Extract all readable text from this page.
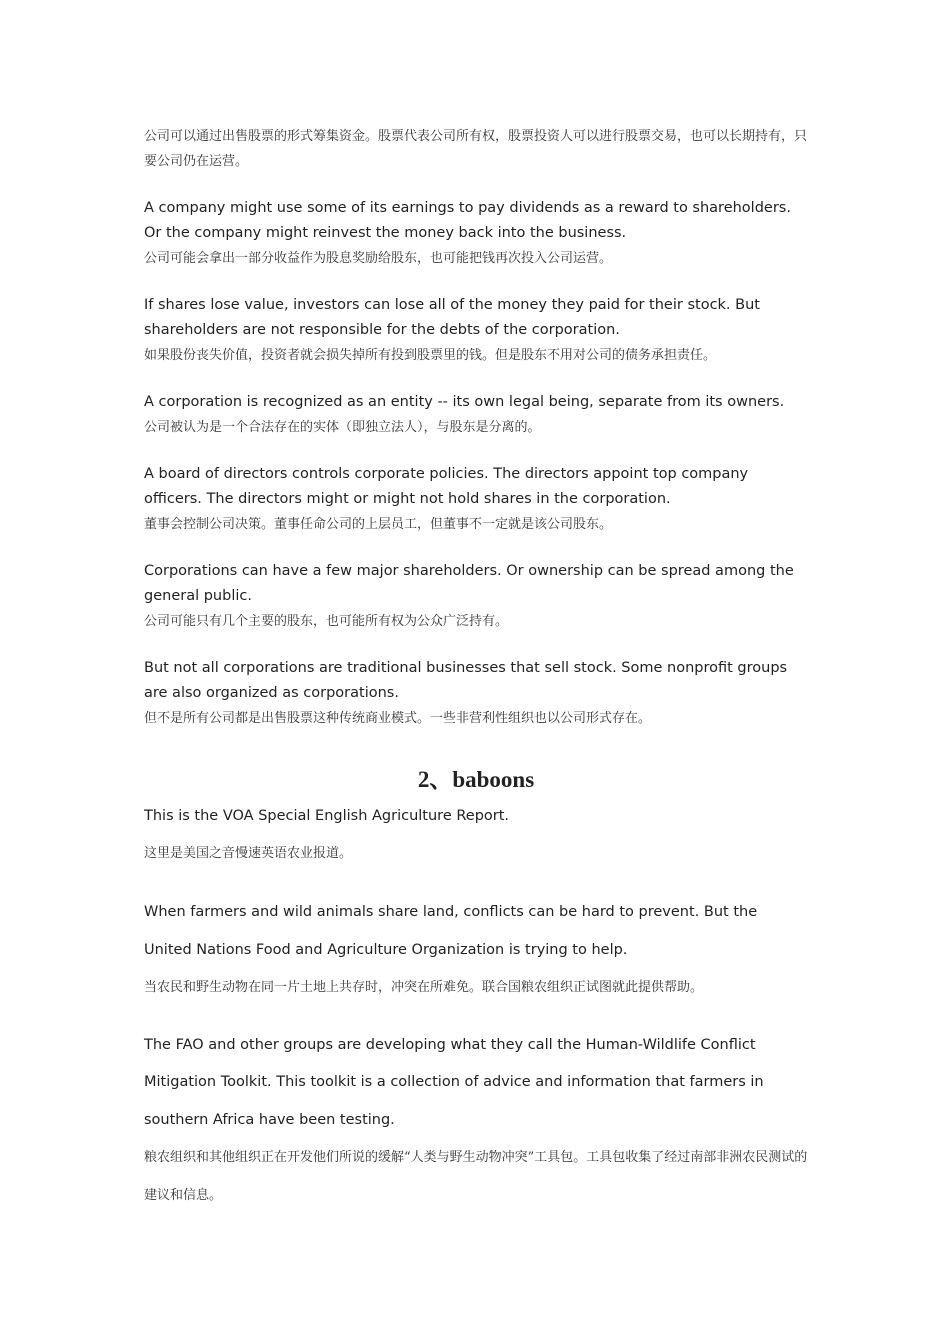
公司可以通过出售股票的形式筹集资金。股票代表公司所有权，股票投资人可以进行股票交易，也可以长期持有，只要公司仍在运营。

A company might use some of its earnings to pay dividends as a reward to shareholders. Or the company might reinvest the money back into the business.

公司可能会拿出一部分收益作为股息奖励给股东，也可能把钱再次投入公司运营。

If shares lose value, investors can lose all of the money they paid for their stock. But shareholders are not responsible for the debts of the corporation.

如果股份丧失价值，投资者就会损失掉所有投到股票里的钱。但是股东不用对公司的债务承担责任。

A corporation is recognized as an entity -- its own legal being, separate from its owners.

公司被认为是一个合法存在的实体（即独立法人），与股东是分离的。

A board of directors controls corporate policies. The directors appoint top company officers. The directors might or might not hold shares in the corporation.

董事会控制公司决策。董事任命公司的上层员工，但董事不一定就是该公司股东。

Corporations can have a few major shareholders. Or ownership can be spread among the general public.

公司可能只有几个主要的股东，也可能所有权为公众广泛持有。

But not all corporations are traditional businesses that sell stock. Some nonprofit groups are also organized as corporations.

但不是所有公司都是出售股票这种传统商业模式。一些非营利性组织也以公司形式存在。

2、baboons

This is the VOA Special English Agriculture Report.

这里是美国之音慢速英语农业报道。

When farmers and wild animals share land, conflicts can be hard to prevent. But the United Nations Food and Agriculture Organization is trying to help.

当农民和野生动物在同一片土地上共存时，冲突在所难免。联合国粮农组织正试图就此提供帮助。

The FAO and other groups are developing what they call the Human-Wildlife Conflict Mitigation Toolkit. This toolkit is a collection of advice and information that farmers in southern Africa have been testing.

粮农组织和其他组织正在开发他们所说的缓解“人类与野生动物冲突”工具包。工具包收集了经过南部非洲农民测试的建议和信息。
